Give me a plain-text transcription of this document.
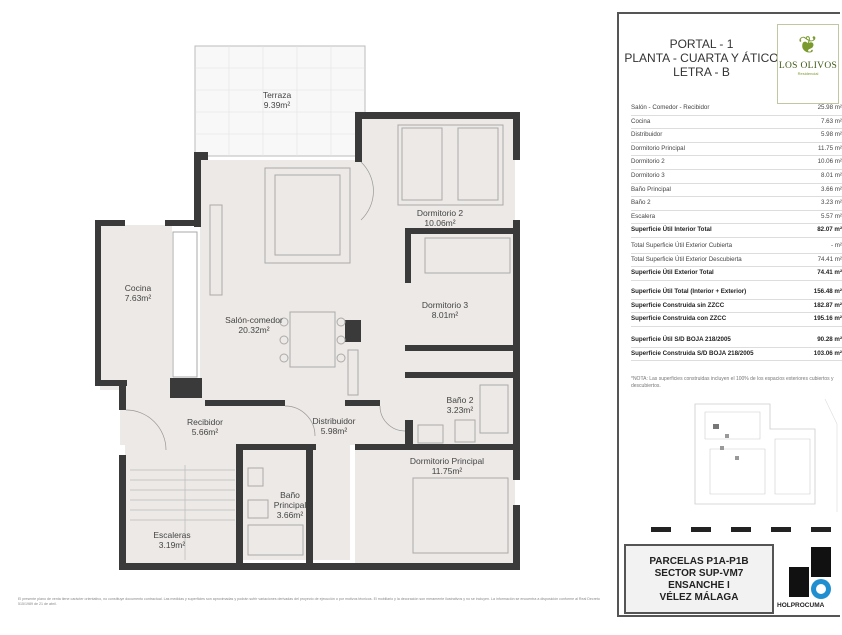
Terraza
9.39m²
Dormitorio 2
10.06m²
Cocina
7.63m²
Salón-comedor
20.32m²
Dormitorio 3
8.01m²
Recibidor
5.66m²
Distribuidor
5.98m²
Baño 2
3.23m²
Dormitorio Principal
11.75m²
Baño Principal
3.66m²
Escaleras
3.19m²
El presente plano de venta tiene carácter orientativo, no constituye documento contractual. Las medidas y superficies son aproximadas y podrán sufrir variaciones derivadas del proyecto de ejecución o por motivos técnicos. El mobiliario y la decoración son meramente ilustrativos y no se incluyen. La información se encuentra a disposición conforme al Real Decreto 515/1989 de 21 de abril.
PORTAL - 1
PLANTA - CUARTA Y ÁTICO
LETRA - B
❦
LOS OLIVOS
Residencial
Salón - Comedor - Recibidor	25.98 m²
Cocina	7.63 m²
Distribuidor	5.98 m²
Dormitorio Principal	11.75 m²
Dormitorio 2	10.06 m²
Dormitorio 3	8.01 m²
Baño Principal	3.66 m²
Baño 2	3.23 m²
Escalera	5.57 m²
Superficie Útil Interior Total	82.07 m²
Total Superficie Útil Exterior Cubierta	- m²
Total Superficie Útil Exterior Descubierta	74.41 m²
Superficie Útil Exterior Total	74.41 m²
Superficie Útil Total (Interior + Exterior)	156.48 m²
Superficie Construida sin ZZCC	182.87 m²
Superficie Construida con ZZCC	195.16 m²
Superficie Útil S/D BOJA 218/2005	90.28 m²
Superficie Construida S/D BOJA 218/2005	103.06 m²
*NOTA: Las superficies construidas incluyen el 100% de los espacios exteriores cubiertos y descubiertos.
PARCELAS P1A-P1B
SECTOR SUP-VM7
ENSANCHE I
VÉLEZ MÁLAGA
HOLPROCUMA
